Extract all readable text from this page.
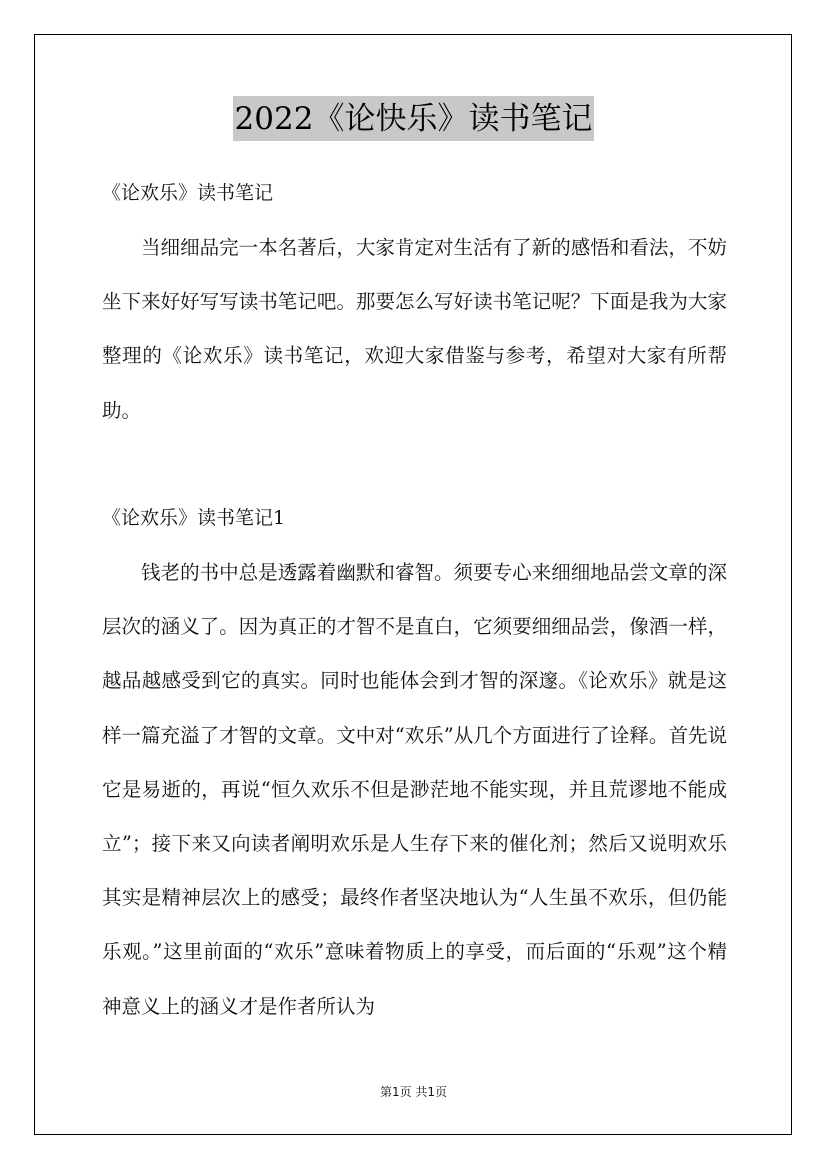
2022《论快乐》读书笔记
《论欢乐》读书笔记

当细细品完一本名著后，大家肯定对生活有了新的感悟和看法，不妨坐下来好好写写读书笔记吧。那要怎么写好读书笔记呢？下面是我为大家整理的《论欢乐》读书笔记，欢迎大家借鉴与参考，希望对大家有所帮助。

《论欢乐》读书笔记1

钱老的书中总是透露着幽默和睿智。须要专心来细细地品尝文章的深层次的涵义了。因为真正的才智不是直白，它须要细细品尝，像酒一样，越品越感受到它的真实。同时也能体会到才智的深邃。《论欢乐》就是这样一篇充溢了才智的文章。文中对“欢乐”从几个方面进行了诠释。首先说它是易逝的，再说“恒久欢乐不但是渺茫地不能实现，并且荒谬地不能成立”；接下来又向读者阐明欢乐是人生存下来的催化剂；然后又说明欢乐其实是精神层次上的感受；最终作者坚决地认为“人生虽不欢乐，但仍能乐观。”这里前面的“欢乐”意味着物质上的享受，而后面的“乐观”这个精神意义上的涵义才是作者所认为

第1页 共1页
